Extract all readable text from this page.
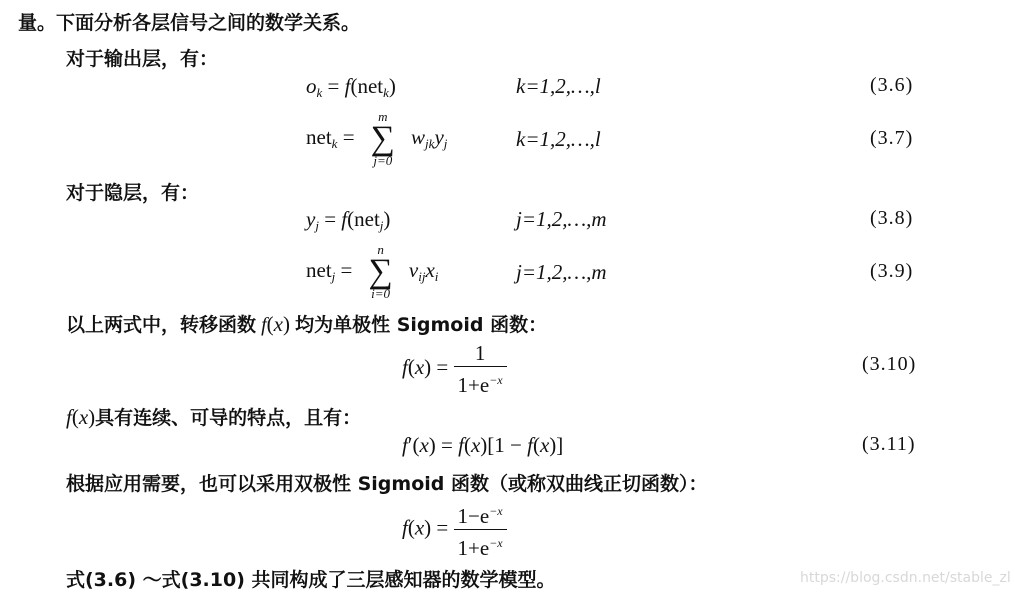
量。下面分析各层信号之间的数学关系。
对于输出层，有：
$o_k = f(net_k)$	k=1,2,…,l	(3.6)
net$_k$ =
m
∑
j=0
$w_{jk}y_j$	k=1,2,…,l	(3.7)
对于隐层，有：
$y_j = f(net_j)$	j=1,2,…,m	(3.8)
net$_j$ =
n
∑
i=0
$v_{ij}x_i$	j=1,2,…,m	(3.9)
以上两式中，转移函数 f(x) 均为单极性 Sigmoid 函数：
$f(x) = \frac{1}{1+e^{-x}}$	(3.10)
f(x)具有连续、可导的特点，且有：
f′(x) = f(x)[1 − f(x)]	(3.11)
根据应用需要，也可以采用双极性 Sigmoid 函数（或称双曲线正切函数）：
$f(x) = \frac{1-e^{-x}}{1+e^{-x}}$
式(3.6) ～式(3.10) 共同构成了三层感知器的数学模型。	https://blog.csdn.net/stable_zl
